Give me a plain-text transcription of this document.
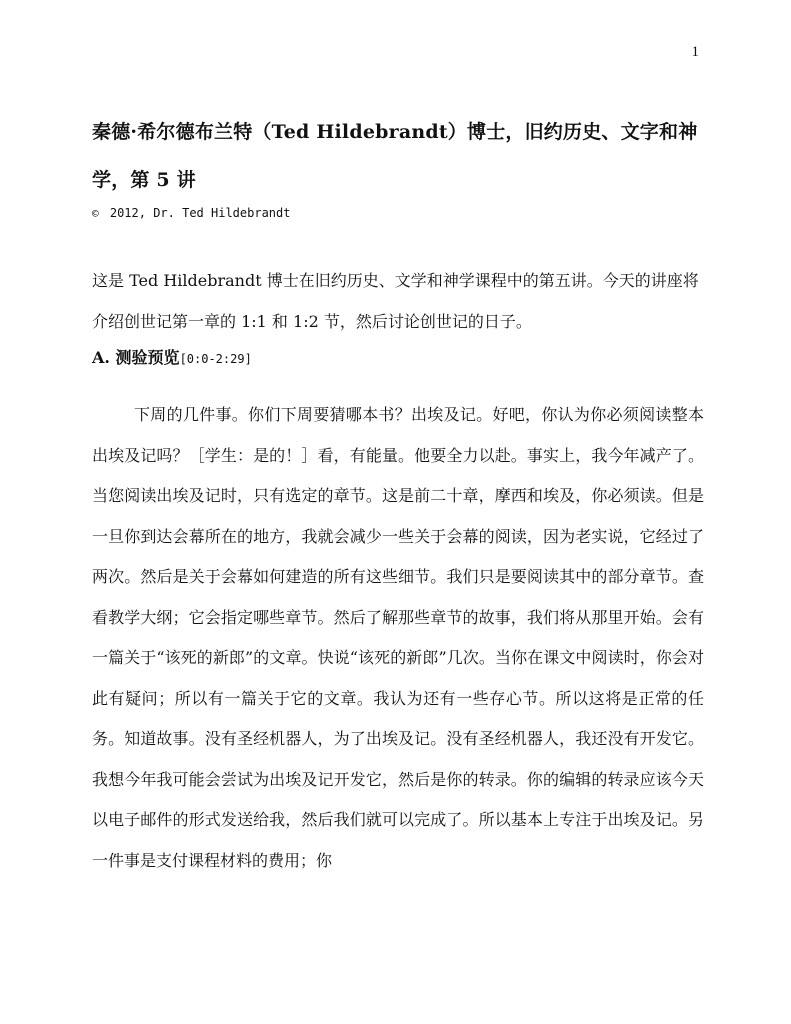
1
秦德·希尔德布兰特（Ted Hildebrandt）博士，旧约历史、文字和神学，第 5 讲
© 2012, Dr. Ted Hildebrandt

这是 Ted Hildebrandt 博士在旧约历史、文学和神学课程中的第五讲。今天的讲座将介绍创世记第一章的 1:1 和 1:2 节，然后讨论创世记的日子。

A. 测验预览[0:0-2:29]

下周的几件事。你们下周要猜哪本书？出埃及记。好吧，你认为你必须阅读整本出埃及记吗？［学生：是的！］看，有能量。他要全力以赴。事实上，我今年减产了。当您阅读出埃及记时，只有选定的章节。这是前二十章，摩西和埃及，你必须读。但是一旦你到达会幕所在的地方，我就会减少一些关于会幕的阅读，因为老实说，它经过了两次。然后是关于会幕如何建造的所有这些细节。我们只是要阅读其中的部分章节。查看教学大纲；它会指定哪些章节。然后了解那些章节的故事，我们将从那里开始。会有一篇关于“该死的新郎”的文章。快说“该死的新郎”几次。当你在课文中阅读时，你会对此有疑问；所以有一篇关于它的文章。我认为还有一些存心节。所以这将是正常的任务。知道故事。没有圣经机器人，为了出埃及记。没有圣经机器人，我还没有开发它。我想今年我可能会尝试为出埃及记开发它，然后是你的转录。你的编辑的转录应该今天以电子邮件的形式发送给我，然后我们就可以完成了。所以基本上专注于出埃及记。另一件事是支付课程材料的费用；你
